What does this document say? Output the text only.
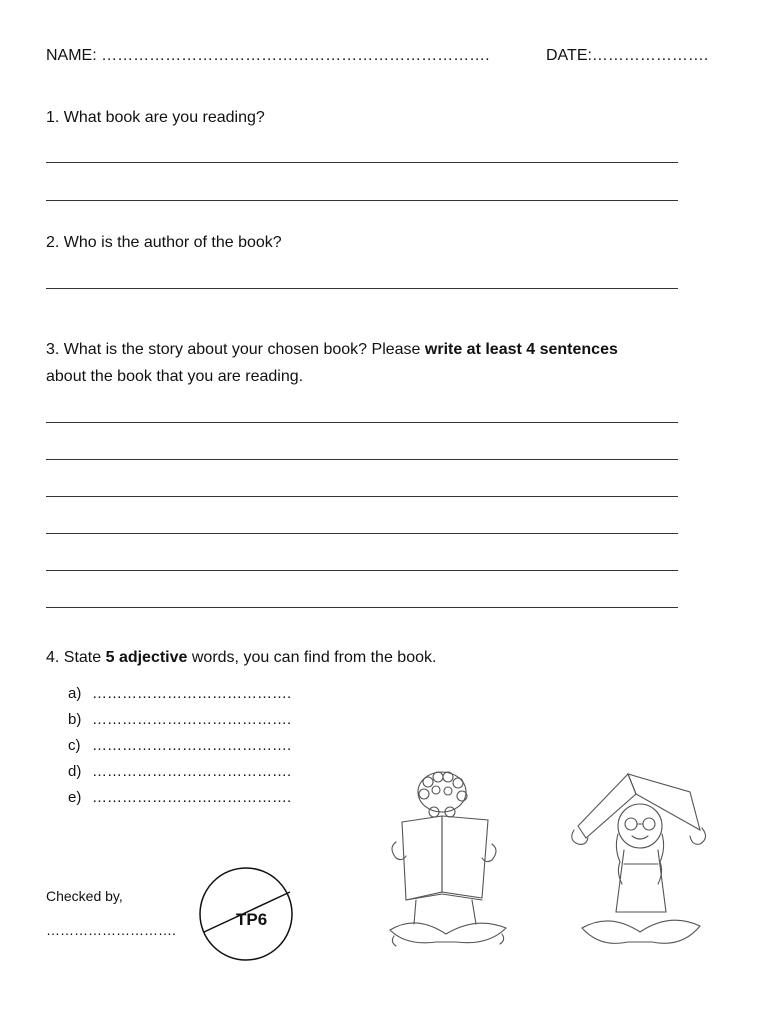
NAME: ……………………………………………………………….	DATE:………………….
1. What book are you reading?
2. Who is the author of the book?
3. What is the story about your chosen book? Please write at least 4 sentences
about the book that you are reading.
4. State 5 adjective words, you can find from the book.
a) ………………………………….
b) ………………………………….
c) ………………………………….
d) ………………………………….
e) ………………………………….
Checked by,
……………………….
TP6
